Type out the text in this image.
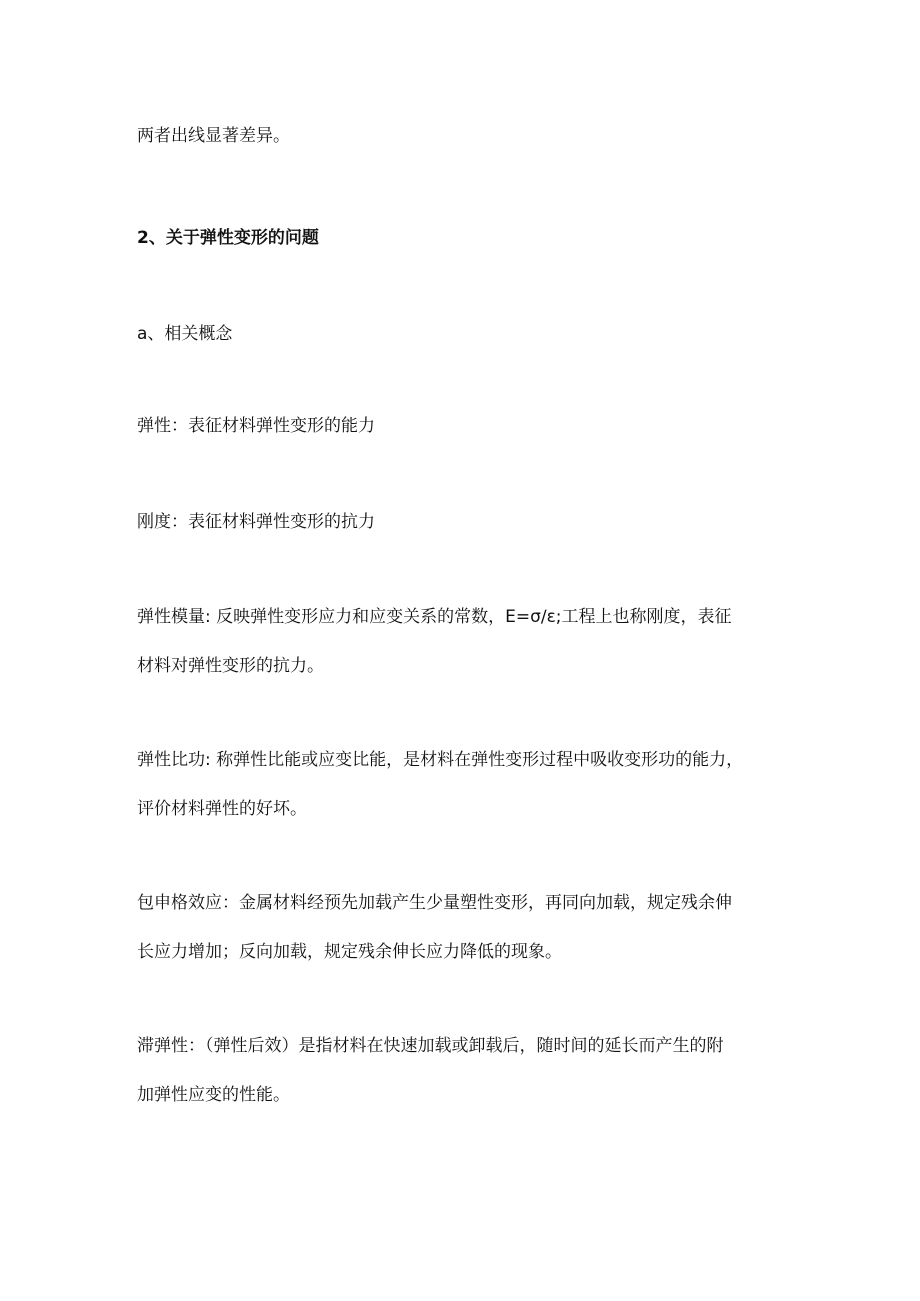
两者出线显著差异。
2、关于弹性变形的问题
a、相关概念
弹性：表征材料弹性变形的能力
刚度：表征材料弹性变形的抗力
弹性模量: 反映弹性变形应力和应变关系的常数，E=σ∕ε;工程上也称刚度，表征
材料对弹性变形的抗力。
弹性比功: 称弹性比能或应变比能，是材料在弹性变形过程中吸收变形功的能力，
评价材料弹性的好坏。
包申格效应：金属材料经预先加载产生少量塑性变形，再同向加载，规定残余伸
长应力增加；反向加载，规定残余伸长应力降低的现象。
滞弹性：（弹性后效）是指材料在快速加载或卸载后，随时间的延长而产生的附
加弹性应变的性能。
